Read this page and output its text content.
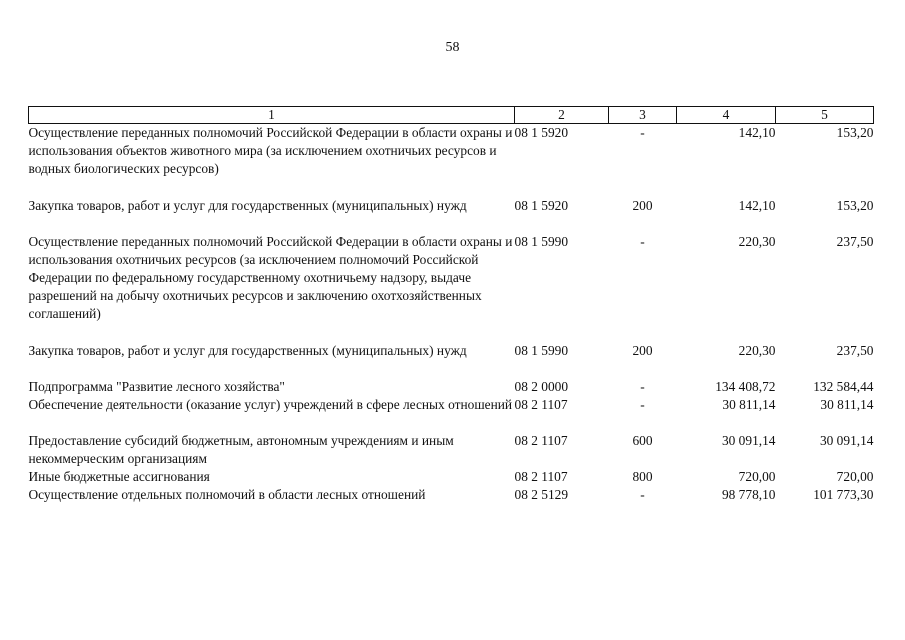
58
1	2	3	4	5
Осуществление переданных полномочий Российской Федерации в области охраны и использования объектов животного мира (за исключением охотничьих ресурсов и водных биологических ресурсов)	08 1 5920	-	142,10	153,20
Закупка товаров, работ и услуг для государственных (муниципальных) нужд	08 1 5920	200	142,10	153,20
Осуществление переданных полномочий Российской Федерации в области охраны и использования охотничьих ресурсов (за исключением полномочий Российской Федерации по федеральному государственному охотничьему надзору, выдаче разрешений на добычу охотничьих ресурсов и заключению охотхозяйственных соглашений)	08 1 5990	-	220,30	237,50
Закупка товаров, работ и услуг для государственных (муниципальных) нужд	08 1 5990	200	220,30	237,50
Подпрограмма "Развитие лесного хозяйства"	08 2 0000	-	134 408,72	132 584,44
Обеспечение деятельности (оказание услуг) учреждений в сфере лесных отношений	08 2 1107	-	30 811,14	30 811,14
Предоставление субсидий бюджетным, автономным учреждениям и иным некоммерческим организациям	08 2 1107	600	30 091,14	30 091,14
Иные бюджетные ассигнования	08 2 1107	800	720,00	720,00
Осуществление отдельных полномочий в области лесных отношений	08 2 5129	-	98 778,10	101 773,30
